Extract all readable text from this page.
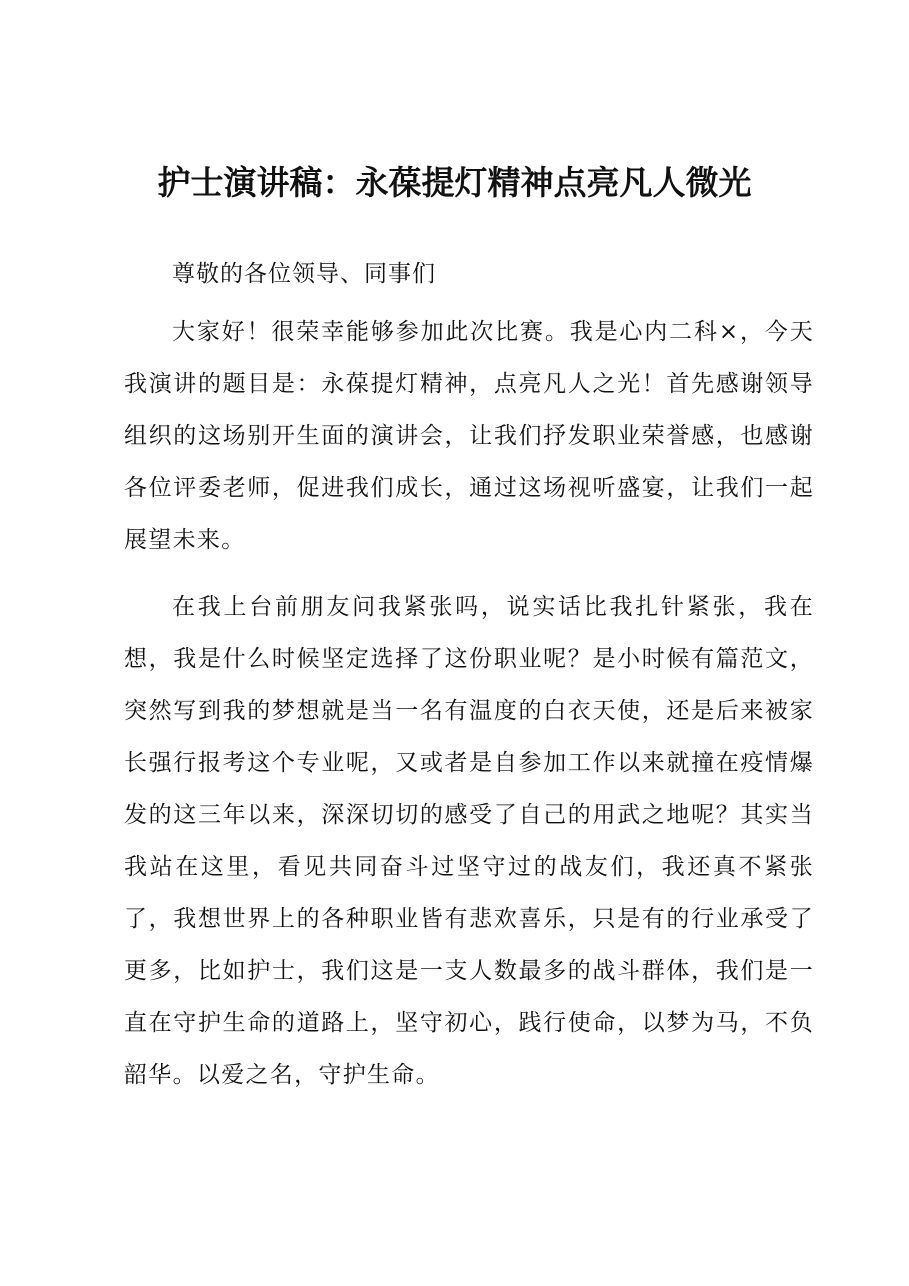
护士演讲稿：永葆提灯精神点亮凡人微光
尊敬的各位领导、同事们

大家好！很荣幸能够参加此次比赛。我是心内二科×，今天我演讲的题目是：永葆提灯精神，点亮凡人之光！首先感谢领导组织的这场别开生面的演讲会，让我们抒发职业荣誉感，也感谢各位评委老师，促进我们成长，通过这场视听盛宴，让我们一起展望未来。

在我上台前朋友问我紧张吗，说实话比我扎针紧张，我在想，我是什么时候坚定选择了这份职业呢？是小时候有篇范文，突然写到我的梦想就是当一名有温度的白衣天使，还是后来被家长强行报考这个专业呢，又或者是自参加工作以来就撞在疫情爆发的这三年以来，深深切切的感受了自己的用武之地呢？其实当我站在这里，看见共同奋斗过坚守过的战友们，我还真不紧张了，我想世界上的各种职业皆有悲欢喜乐，只是有的行业承受了更多，比如护士，我们这是一支人数最多的战斗群体，我们是一直在守护生命的道路上，坚守初心，践行使命，以梦为马，不负韶华。以爱之名，守护生命。
